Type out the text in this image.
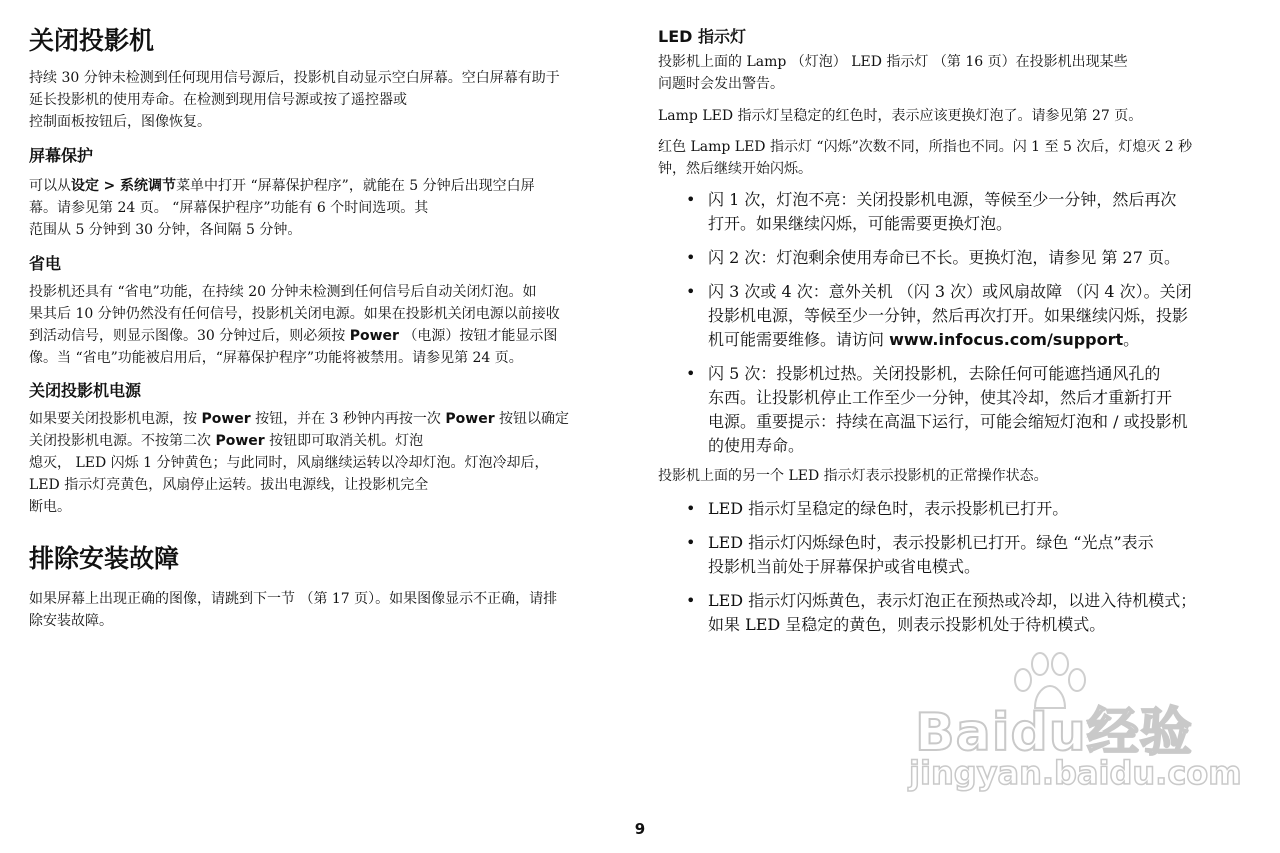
关闭投影机

持续 30 分钟未检测到任何现用信号源后，投影机自动显示空白屏幕。空白屏幕有助于

延长投影机的使用寿命。在检测到现用信号源或按了遥控器或

控制面板按钮后，图像恢复。

屏幕保护

可以从设定 > 系统调节菜单中打开 “屏幕保护程序”，就能在 5 分钟后出现空白屏

幕。请参见第 24 页。 “屏幕保护程序”功能有 6 个时间选项。其

范围从 5 分钟到 30 分钟，各间隔 5 分钟。

省电

投影机还具有 “省电”功能，在持续 20 分钟未检测到任何信号后自动关闭灯泡。如

果其后 10 分钟仍然没有任何信号，投影机关闭电源。如果在投影机关闭电源以前接收

到活动信号，则显示图像。30 分钟过后，则必须按 Power （电源）按钮才能显示图

像。当 “省电”功能被启用后，“屏幕保护程序”功能将被禁用。请参见第 24 页。

关闭投影机电源

如果要关闭投影机电源，按 Power 按钮，并在 3 秒钟内再按一次 Power 按钮以确定

关闭投影机电源。不按第二次 Power 按钮即可取消关机。灯泡

熄灭， LED 闪烁 1 分钟黄色；与此同时，风扇继续运转以冷却灯泡。灯泡冷却后，

LED 指示灯亮黄色，风扇停止运转。拔出电源线，让投影机完全

断电。

排除安装故障

如果屏幕上出现正确的图像，请跳到下一节 （第 17 页）。如果图像显示不正确，请排

除安装故障。

LED 指示灯

投影机上面的 Lamp （灯泡） LED 指示灯 （第 16 页）在投影机出现某些

问题时会发出警告。

Lamp LED 指示灯呈稳定的红色时，表示应该更换灯泡了。请参见第 27 页。

红色 Lamp LED 指示灯 “闪烁”次数不同，所指也不同。闪 1 至 5 次后，灯熄灭 2 秒

钟，然后继续开始闪烁。

• 闪 1 次，灯泡不亮：关闭投影机电源，等候至少一分钟，然后再次
打开。如果继续闪烁，可能需要更换灯泡。
• 闪 2 次：灯泡剩余使用寿命已不长。更换灯泡，请参见 第 27 页。
• 闪 3 次或 4 次：意外关机 （闪 3 次）或风扇故障 （闪 4 次）。关闭
投影机电源，等候至少一分钟，然后再次打开。如果继续闪烁，投影
机可能需要维修。请访问 www.infocus.com/support。
• 闪 5 次：投影机过热。关闭投影机，去除任何可能遮挡通风孔的
东西。让投影机停止工作至少一分钟，使其冷却，然后才重新打开
电源。重要提示：持续在高温下运行，可能会缩短灯泡和 / 或投影机
的使用寿命。

投影机上面的另一个 LED 指示灯表示投影机的正常操作状态。

• LED 指示灯呈稳定的绿色时，表示投影机已打开。
• LED 指示灯闪烁绿色时，表示投影机已打开。绿色 “光点”表示
投影机当前处于屏幕保护或省电模式。
• LED 指示灯闪烁黄色，表示灯泡正在预热或冷却，以进入待机模式；
如果 LED 呈稳定的黄色，则表示投影机处于待机模式。
Baidu经验
jingyan.baidu.com
9
